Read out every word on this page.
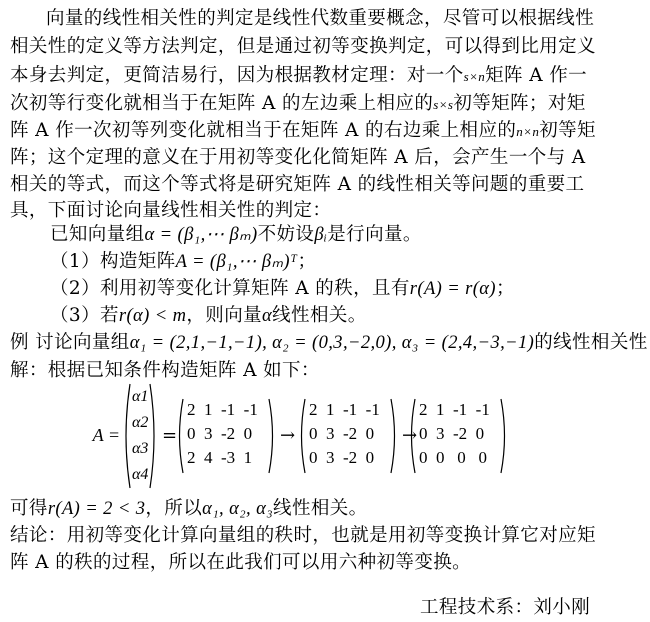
向量的线性相关性的判定是线性代数重要概念，尽管可以根据线性
相关性的定义等方法判定，但是通过初等变换判定，可以得到比用定义
本身去判定，更简洁易行，因为根据教材定理：对一个s×n矩阵 A 作一
次初等行变化就相当于在矩阵 A 的左边乘上相应的s×s初等矩阵；对矩
阵 A 作一次初等列变化就相当于在矩阵 A 的右边乘上相应的n×n初等矩
阵；这个定理的意义在于用初等变化化简矩阵 A 后，会产生一个与 A
相关的等式，而这个等式将是研究矩阵 A 的线性相关等问题的重要工
具，下面讨论向量线性相关性的判定：
已知向量组α = (β₁,⋯ βₘ)不妨设βᵢ是行向量。
（1）构造矩阵A = (β₁,⋯ βₘ)ᵀ；
（2）利用初等变化计算矩阵 A 的秩，且有r(A) = r(α)；
（3）若r(α) < m，则向量α线性相关。
例 讨论向量组α₁ = (2,1,−1,−1), α₂ = (0,3,−2,0), α₃ = (2,4,−3,−1)的线性相关性
解：根据已知条件构造矩阵 A 如下：
A =
α1
α2
α3
α4
=
2  1  -1  -1
0  3  -2  0
2  4  -3  1
→
2  1  -1  -1
0  3  -2  0
0  3  -2  0
→
2  1  -1  -1
0  3  -2  0
0  0   0   0
可得r(A) = 2 < 3，所以α₁, α₂, α₃线性相关。
结论：用初等变化计算向量组的秩时，也就是用初等变换计算它对应矩
阵 A 的秩的过程，所以在此我们可以用六种初等变换。
工程技术系：刘小刚
